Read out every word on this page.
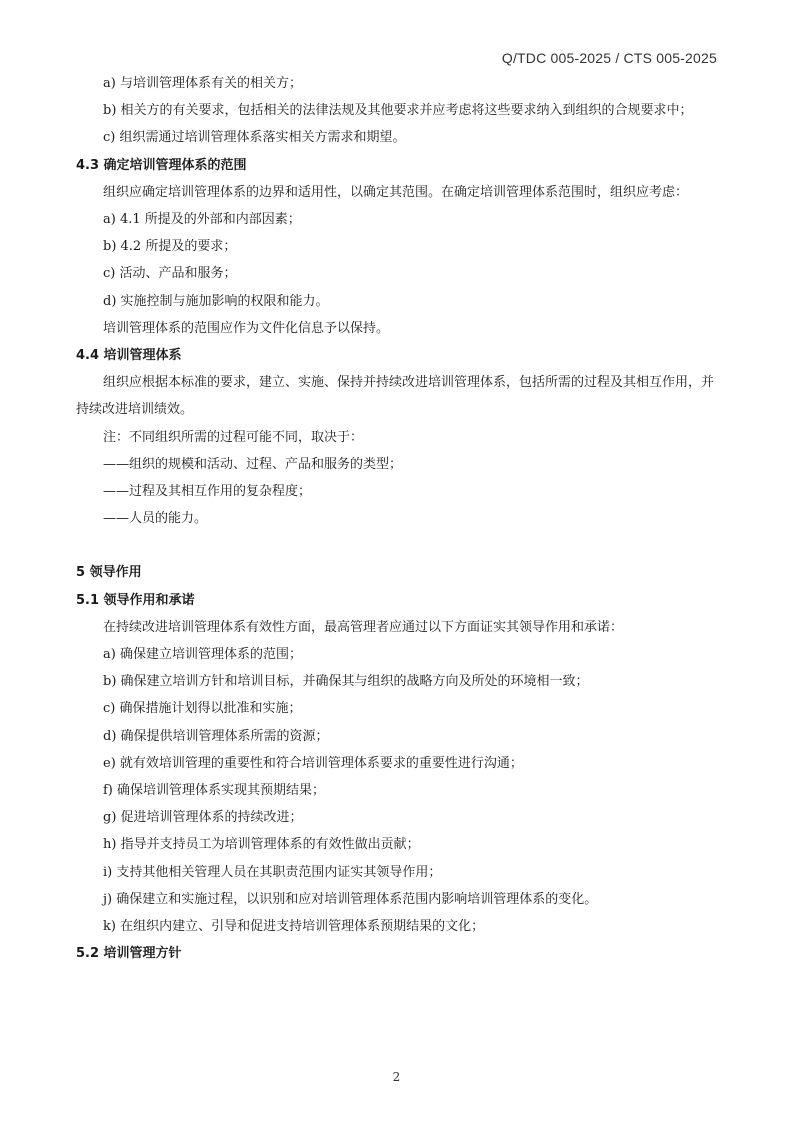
Q/TDC 005-2025 / CTS 005-2025
a) 与培训管理体系有关的相关方；
b) 相关方的有关要求，包括相关的法律法规及其他要求并应考虑将这些要求纳入到组织的合规要求中；
c) 组织需通过培训管理体系落实相关方需求和期望。
4.3 确定培训管理体系的范围
组织应确定培训管理体系的边界和适用性，以确定其范围。在确定培训管理体系范围时，组织应考虑：
a) 4.1 所提及的外部和内部因素；
b) 4.2 所提及的要求；
c) 活动、产品和服务；
d) 实施控制与施加影响的权限和能力。
培训管理体系的范围应作为文件化信息予以保持。
4.4 培训管理体系
组织应根据本标准的要求，建立、实施、保持并持续改进培训管理体系，包括所需的过程及其相互作用，并持续改进培训绩效。
注：不同组织所需的过程可能不同，取决于：
——组织的规模和活动、过程、产品和服务的类型；
——过程及其相互作用的复杂程度；
——人员的能力。
5 领导作用
5.1 领导作用和承诺
在持续改进培训管理体系有效性方面，最高管理者应通过以下方面证实其领导作用和承诺：
a) 确保建立培训管理体系的范围；
b) 确保建立培训方针和培训目标，并确保其与组织的战略方向及所处的环境相一致；
c) 确保措施计划得以批准和实施；
d) 确保提供培训管理体系所需的资源；
e) 就有效培训管理的重要性和符合培训管理体系要求的重要性进行沟通；
f) 确保培训管理体系实现其预期结果；
g) 促进培训管理体系的持续改进；
h) 指导并支持员工为培训管理体系的有效性做出贡献；
i) 支持其他相关管理人员在其职责范围内证实其领导作用；
j) 确保建立和实施过程，以识别和应对培训管理体系范围内影响培训管理体系的变化。
k) 在组织内建立、引导和促进支持培训管理体系预期结果的文化；
5.2 培训管理方针
2
